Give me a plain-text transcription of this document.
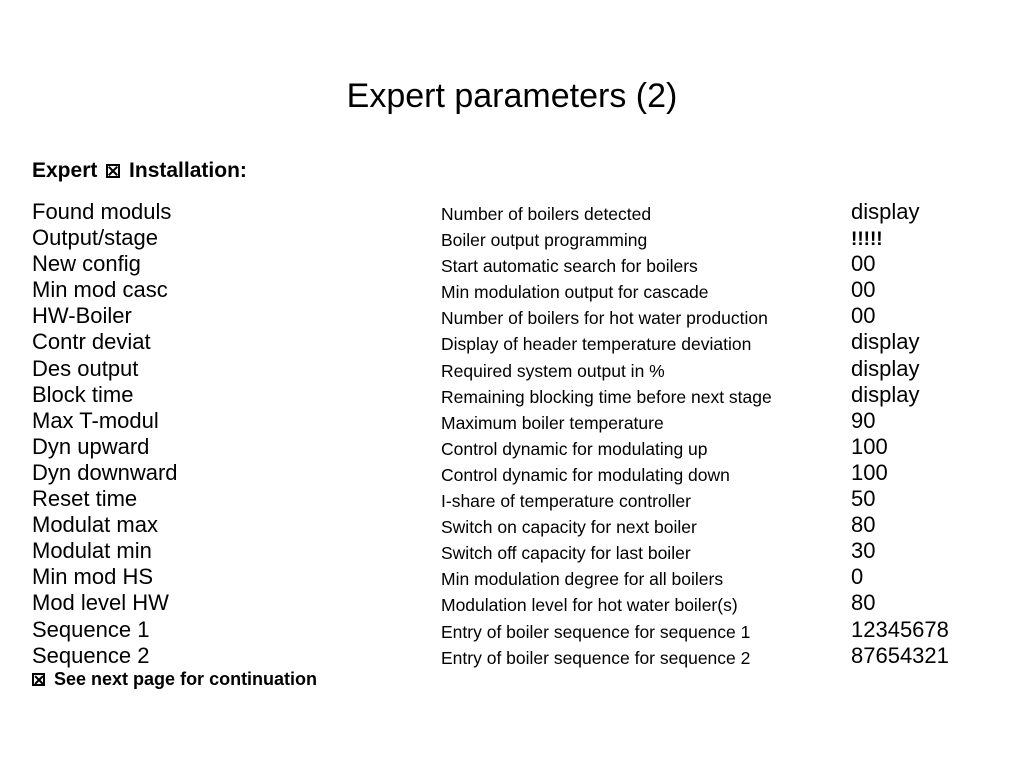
Expert parameters (2)
Expert Installation:
Found moduls	Number of boilers detected	display
Output/stage	Boiler output programming	!!!!!
New config	Start automatic search for boilers	00
Min mod casc	Min modulation output for cascade	00
HW-Boiler	Number of boilers for hot water production	00
Contr deviat	Display of header temperature deviation	display
Des output	Required system output in %	display
Block time	Remaining blocking time before next stage	display
Max T-modul	Maximum boiler temperature	90
Dyn upward	Control dynamic for modulating up	100
Dyn downward	Control dynamic for modulating down	100
Reset time	I-share of temperature controller	50
Modulat max	Switch on capacity for next boiler	80
Modulat min	Switch off capacity for last boiler	30
Min mod HS	Min modulation degree for all boilers	0
Mod level HW	Modulation level for hot water boiler(s)	80
Sequence 1	Entry of boiler sequence for sequence 1	12345678
Sequence 2	Entry of boiler sequence for sequence 2	87654321
See next page for continuation
